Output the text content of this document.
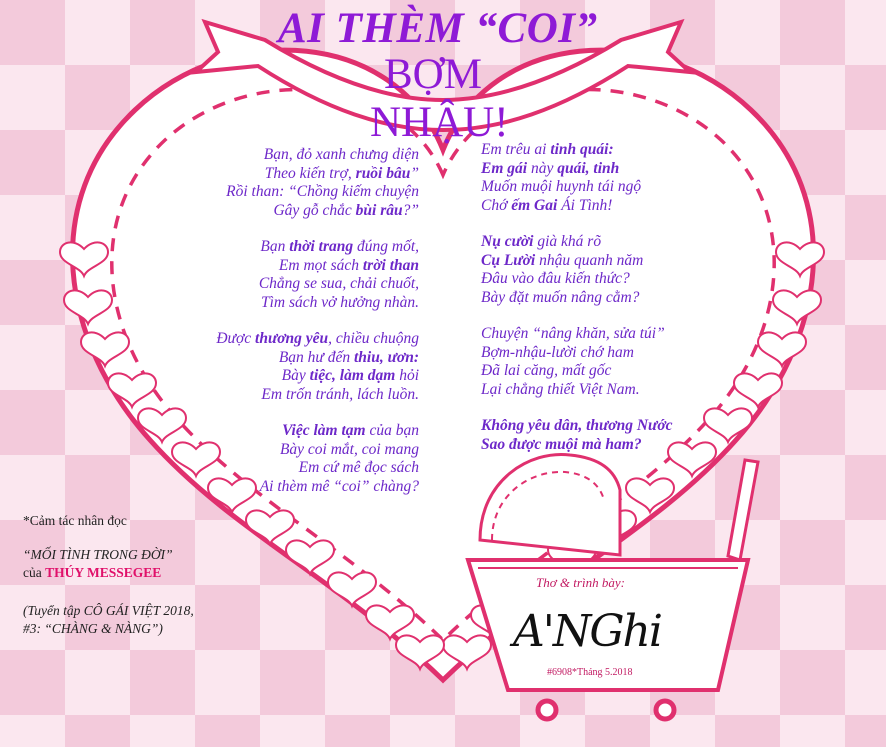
AI THÈM “COI”
BỢM
NHẬU!
Bạn, đỏ xanh chưng diện
Theo kiến trợ, ruồi bâu”
Rồi than: “Chồng kiếm chuyện
Gây gỗ chắc bùi râu?”
Bạn thời trang đúng mốt,
Em mọt sách trời than
Chẳng se sua, chải chuốt,
Tìm sách vở hưởng nhàn.
Được thương yêu, chiều chuộng
Bạn hư đến thiu, ươn:
Bày tiệc, làm dạm hỏi
Em trốn tránh, lách luồn.
Việc làm tạm của bạn
Bày coi mắt, coi mang
Em cứ mê đọc sách
Ai thèm mê “coi” chàng?
Em trêu ai tinh quái:
Em gái này quái, tinh
Muốn muội huynh tái ngộ
Chớ ếm Gai Ái Tình!
Nụ cười già khá rõ
Cụ Lười nhậu quanh năm
Đâu vào đâu kiến thức?
Bày đặt muốn nâng cằm?
Chuyện “nâng khăn, sửa túi”
Bợm-nhậu-lười chớ ham
Đã lai căng, mất gốc
Lại chẳng thiết Việt Nam.
Không yêu dân, thương Nước
Sao được muội mà ham?
*Cảm tác nhân đọc
“MỐI TÌNH TRONG ĐỜI”
của THÚY MESSEGEE
(Tuyển tập CÔ GÁI VIỆT 2018,
#3: “CHÀNG & NÀNG”)
Thơ & trình bày:
A'NGhi
#6908*Tháng 5.2018
